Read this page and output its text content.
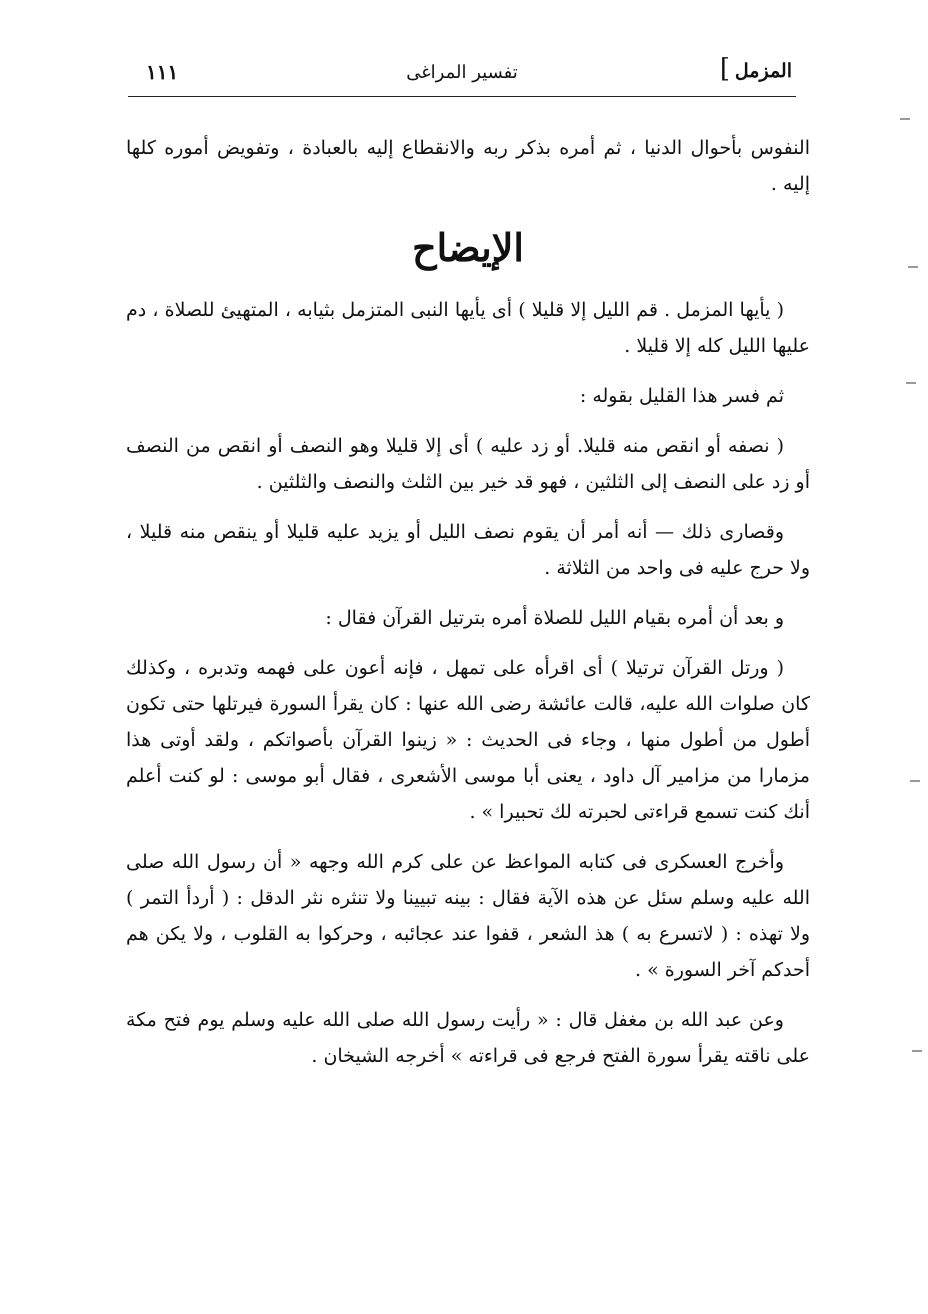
المزمل
]
تفسير المراغى
١١١

النفوس بأحوال الدنيا ، ثم أمره بذكر ربه والانقطاع إليه بالعبادة ، وتفويض أموره كلها إليه .

الإيضاح

( يأيها المزمل . قم الليل إلا قليلا ) أى يأيها النبى المتزمل بثيابه ، المتهيئ للصلاة ، دم عليها الليل كله إلا قليلا .

ثم فسر هذا القليل بقوله :

( نصفه أو انقص منه قليلا. أو زد عليه ) أى إلا قليلا وهو النصف أو انقص من النصف أو زد على النصف إلى الثلثين ، فهو قد خير بين الثلث والنصف والثلثين .

وقصارى ذلك — أنه أمر أن يقوم نصف الليل أو يزيد عليه قليلا أو ينقص منه قليلا ، ولا حرج عليه فى واحد من الثلاثة .

و بعد أن أمره بقيام الليل للصلاة أمره بترتيل القرآن فقال :

( ورتل القرآن ترتيلا ) أى اقرأه على تمهل ، فإنه أعون على فهمه وتدبره ، وكذلك كان صلوات الله عليه، قالت عائشة رضى الله عنها : كان يقرأ السورة فيرتلها حتى تكون أطول من أطول منها ، وجاء فى الحديث : « زينوا القرآن بأصواتكم ، ولقد أوتى هذا مزمارا من مزامير آل داود ، يعنى أبا موسى الأشعرى ، فقال أبو موسى : لو كنت أعلم أنك كنت تسمع قراءتى لحبرته لك تحبيرا » .

وأخرج العسكرى فى كتابه المواعظ عن على كرم الله وجهه « أن رسول الله صلى الله عليه وسلم سئل عن هذه الآية فقال : بينه تبيينا ولا تنثره نثر الدقل : ( أردأ التمر ) ولا تهذه : ( لاتسرع به ) هذ الشعر ، قفوا عند عجائبه ، وحركوا به القلوب ، ولا يكن هم أحدكم آخر السورة » .

وعن عبد الله بن مغفل قال : « رأيت رسول الله صلى الله عليه وسلم يوم فتح مكة على ناقته يقرأ سورة الفتح فرجع فى قراءته » أخرجه الشيخان .
